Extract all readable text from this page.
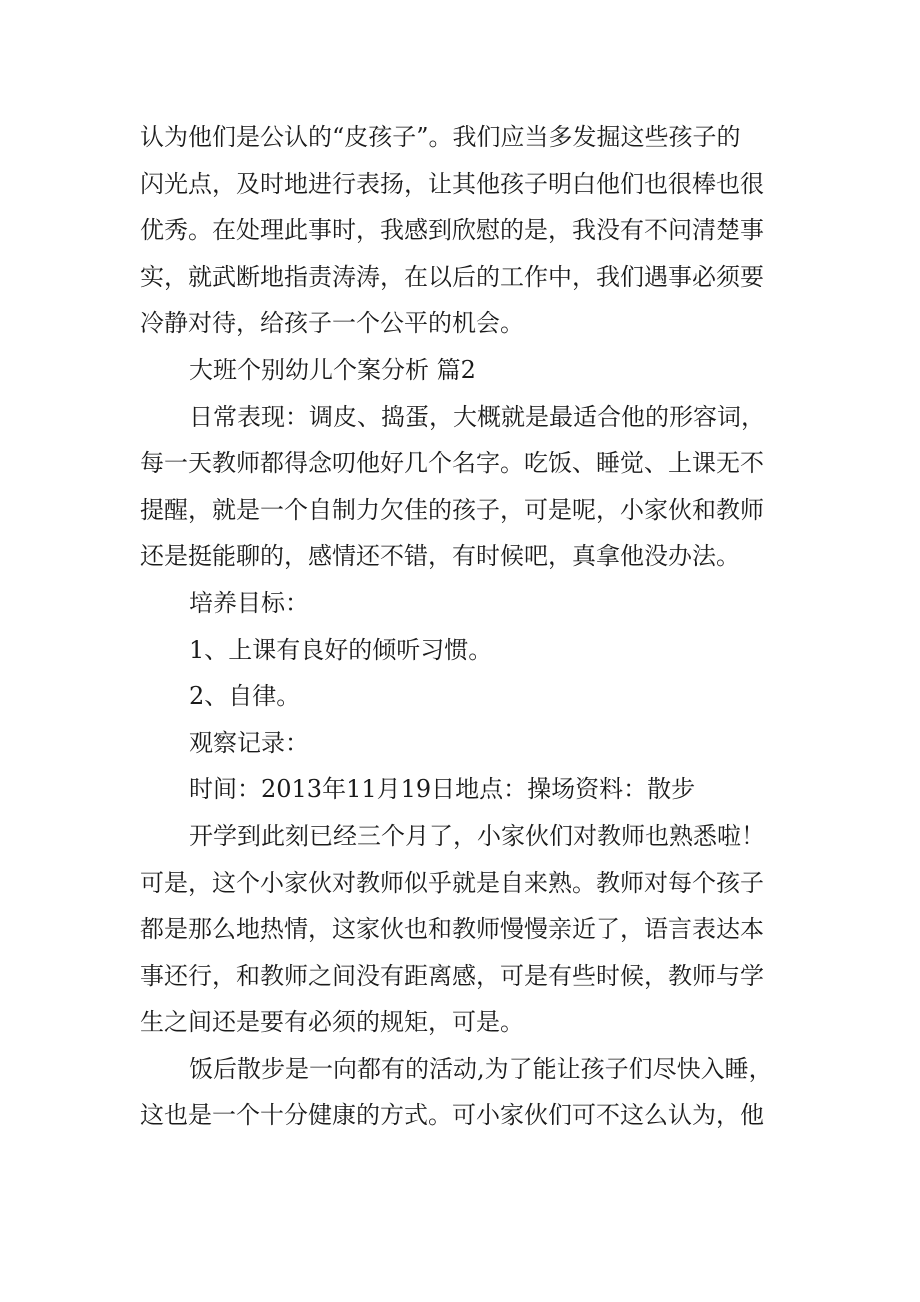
认为他们是公认的“皮孩子”。我们应当多发掘这些孩子的
闪光点，及时地进行表扬，让其他孩子明白他们也很棒也很
优秀。在处理此事时，我感到欣慰的是，我没有不问清楚事
实，就武断地指责涛涛，在以后的工作中，我们遇事必须要
冷静对待，给孩子一个公平的机会。
大班个别幼儿个案分析 篇2
日常表现：调皮、捣蛋，大概就是最适合他的形容词，
每一天教师都得念叨他好几个名字。吃饭、睡觉、上课无不
提醒，就是一个自制力欠佳的孩子，可是呢，小家伙和教师
还是挺能聊的，感情还不错，有时候吧，真拿他没办法。
培养目标：
1、上课有良好的倾听习惯。
2、自律。
观察记录：
时间：2013年11月19日地点：操场资料：散步
开学到此刻已经三个月了，小家伙们对教师也熟悉啦！
可是，这个小家伙对教师似乎就是自来熟。教师对每个孩子
都是那么地热情，这家伙也和教师慢慢亲近了，语言表达本
事还行，和教师之间没有距离感，可是有些时候，教师与学
生之间还是要有必须的规矩，可是。
饭后散步是一向都有的活动,为了能让孩子们尽快入睡，
这也是一个十分健康的方式。可小家伙们可不这么认为，他
